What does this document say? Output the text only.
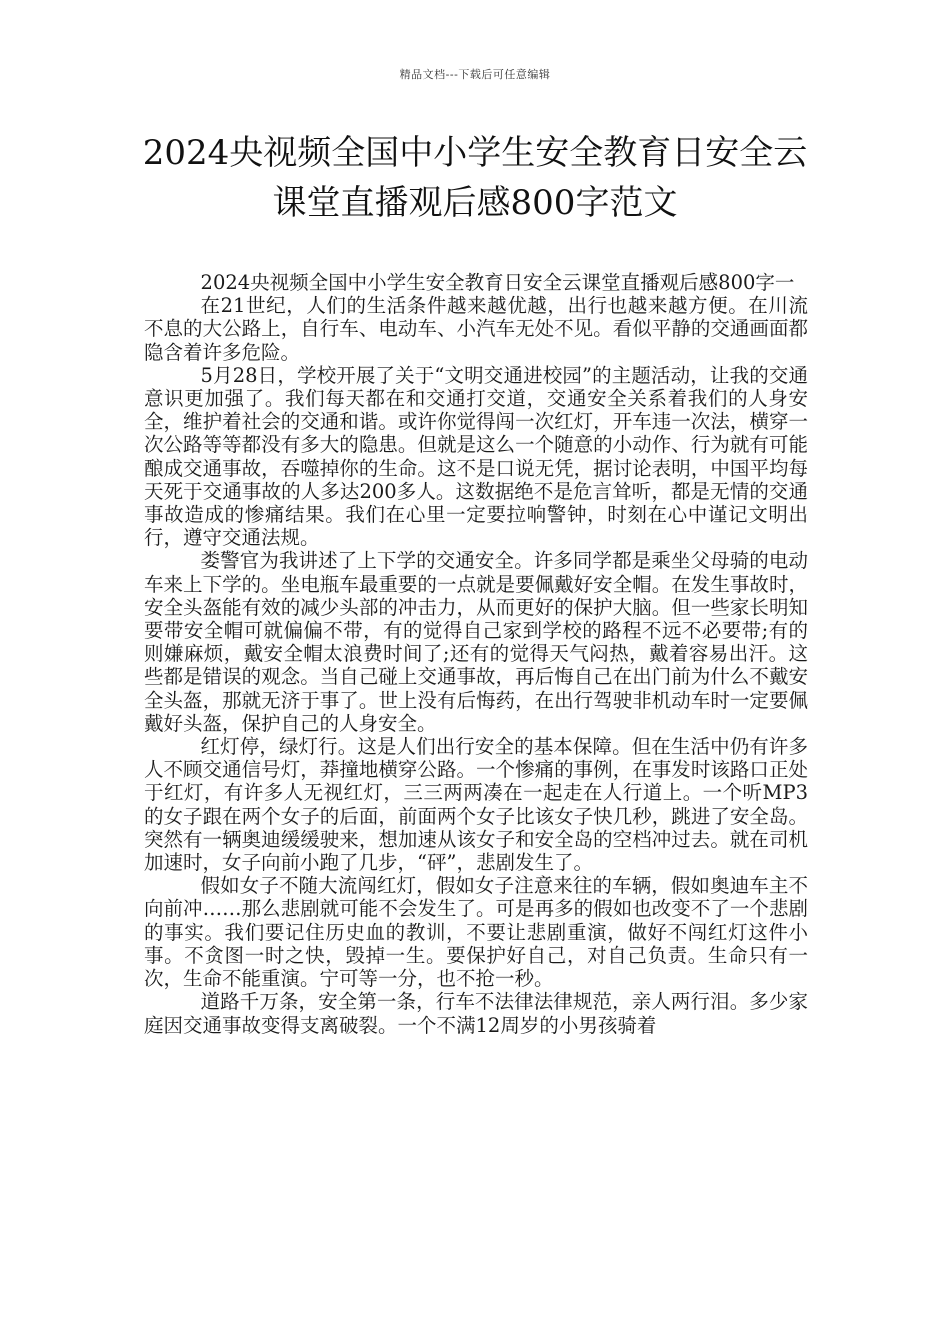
精品文档---下载后可任意编辑
2024央视频全国中小学生安全教育日安全云课堂直播观后感800字范文

2024央视频全国中小学生安全教育日安全云课堂直播观后感800字一

在21世纪，人们的生活条件越来越优越，出行也越来越方便。在川流不息的大公路上，自行车、电动车、小汽车无处不见。看似平静的交通画面都隐含着许多危险。

5月28日，学校开展了关于“文明交通进校园”的主题活动，让我的交通意识更加强了。我们每天都在和交通打交道，交通安全关系着我们的人身安全，维护着社会的交通和谐。或许你觉得闯一次红灯，开车违一次法，横穿一次公路等等都没有多大的隐患。但就是这么一个随意的小动作、行为就有可能酿成交通事故，吞噬掉你的生命。这不是口说无凭，据讨论表明，中国平均每天死于交通事故的人多达200多人。这数据绝不是危言耸听，都是无情的交通事故造成的惨痛结果。我们在心里一定要拉响警钟，时刻在心中谨记文明出行，遵守交通法规。

娄警官为我讲述了上下学的交通安全。许多同学都是乘坐父母骑的电动车来上下学的。坐电瓶车最重要的一点就是要佩戴好安全帽。在发生事故时，安全头盔能有效的减少头部的冲击力，从而更好的保护大脑。但一些家长明知要带安全帽可就偏偏不带，有的觉得自己家到学校的路程不远不必要带;有的则嫌麻烦，戴安全帽太浪费时间了;还有的觉得天气闷热，戴着容易出汗。这些都是错误的观念。当自己碰上交通事故，再后悔自己在出门前为什么不戴安全头盔，那就无济于事了。世上没有后悔药，在出行驾驶非机动车时一定要佩戴好头盔，保护自己的人身安全。

红灯停，绿灯行。这是人们出行安全的基本保障。但在生活中仍有许多人不顾交通信号灯，莽撞地横穿公路。一个惨痛的事例，在事发时该路口正处于红灯，有许多人无视红灯，三三两两凑在一起走在人行道上。一个听MP3的女子跟在两个女子的后面，前面两个女子比该女子快几秒，跳进了安全岛。突然有一辆奥迪缓缓驶来，想加速从该女子和安全岛的空档冲过去。就在司机加速时，女子向前小跑了几步，“砰”，悲剧发生了。

假如女子不随大流闯红灯，假如女子注意来往的车辆，假如奥迪车主不向前冲……那么悲剧就可能不会发生了。可是再多的假如也改变不了一个悲剧的事实。我们要记住历史血的教训，不要让悲剧重演，做好不闯红灯这件小事。不贪图一时之快，毁掉一生。要保护好自己，对自己负责。生命只有一次，生命不能重演。宁可等一分，也不抢一秒。

道路千万条，安全第一条，行车不法律法律规范，亲人两行泪。多少家庭因交通事故变得支离破裂。一个不满12周岁的小男孩骑着
